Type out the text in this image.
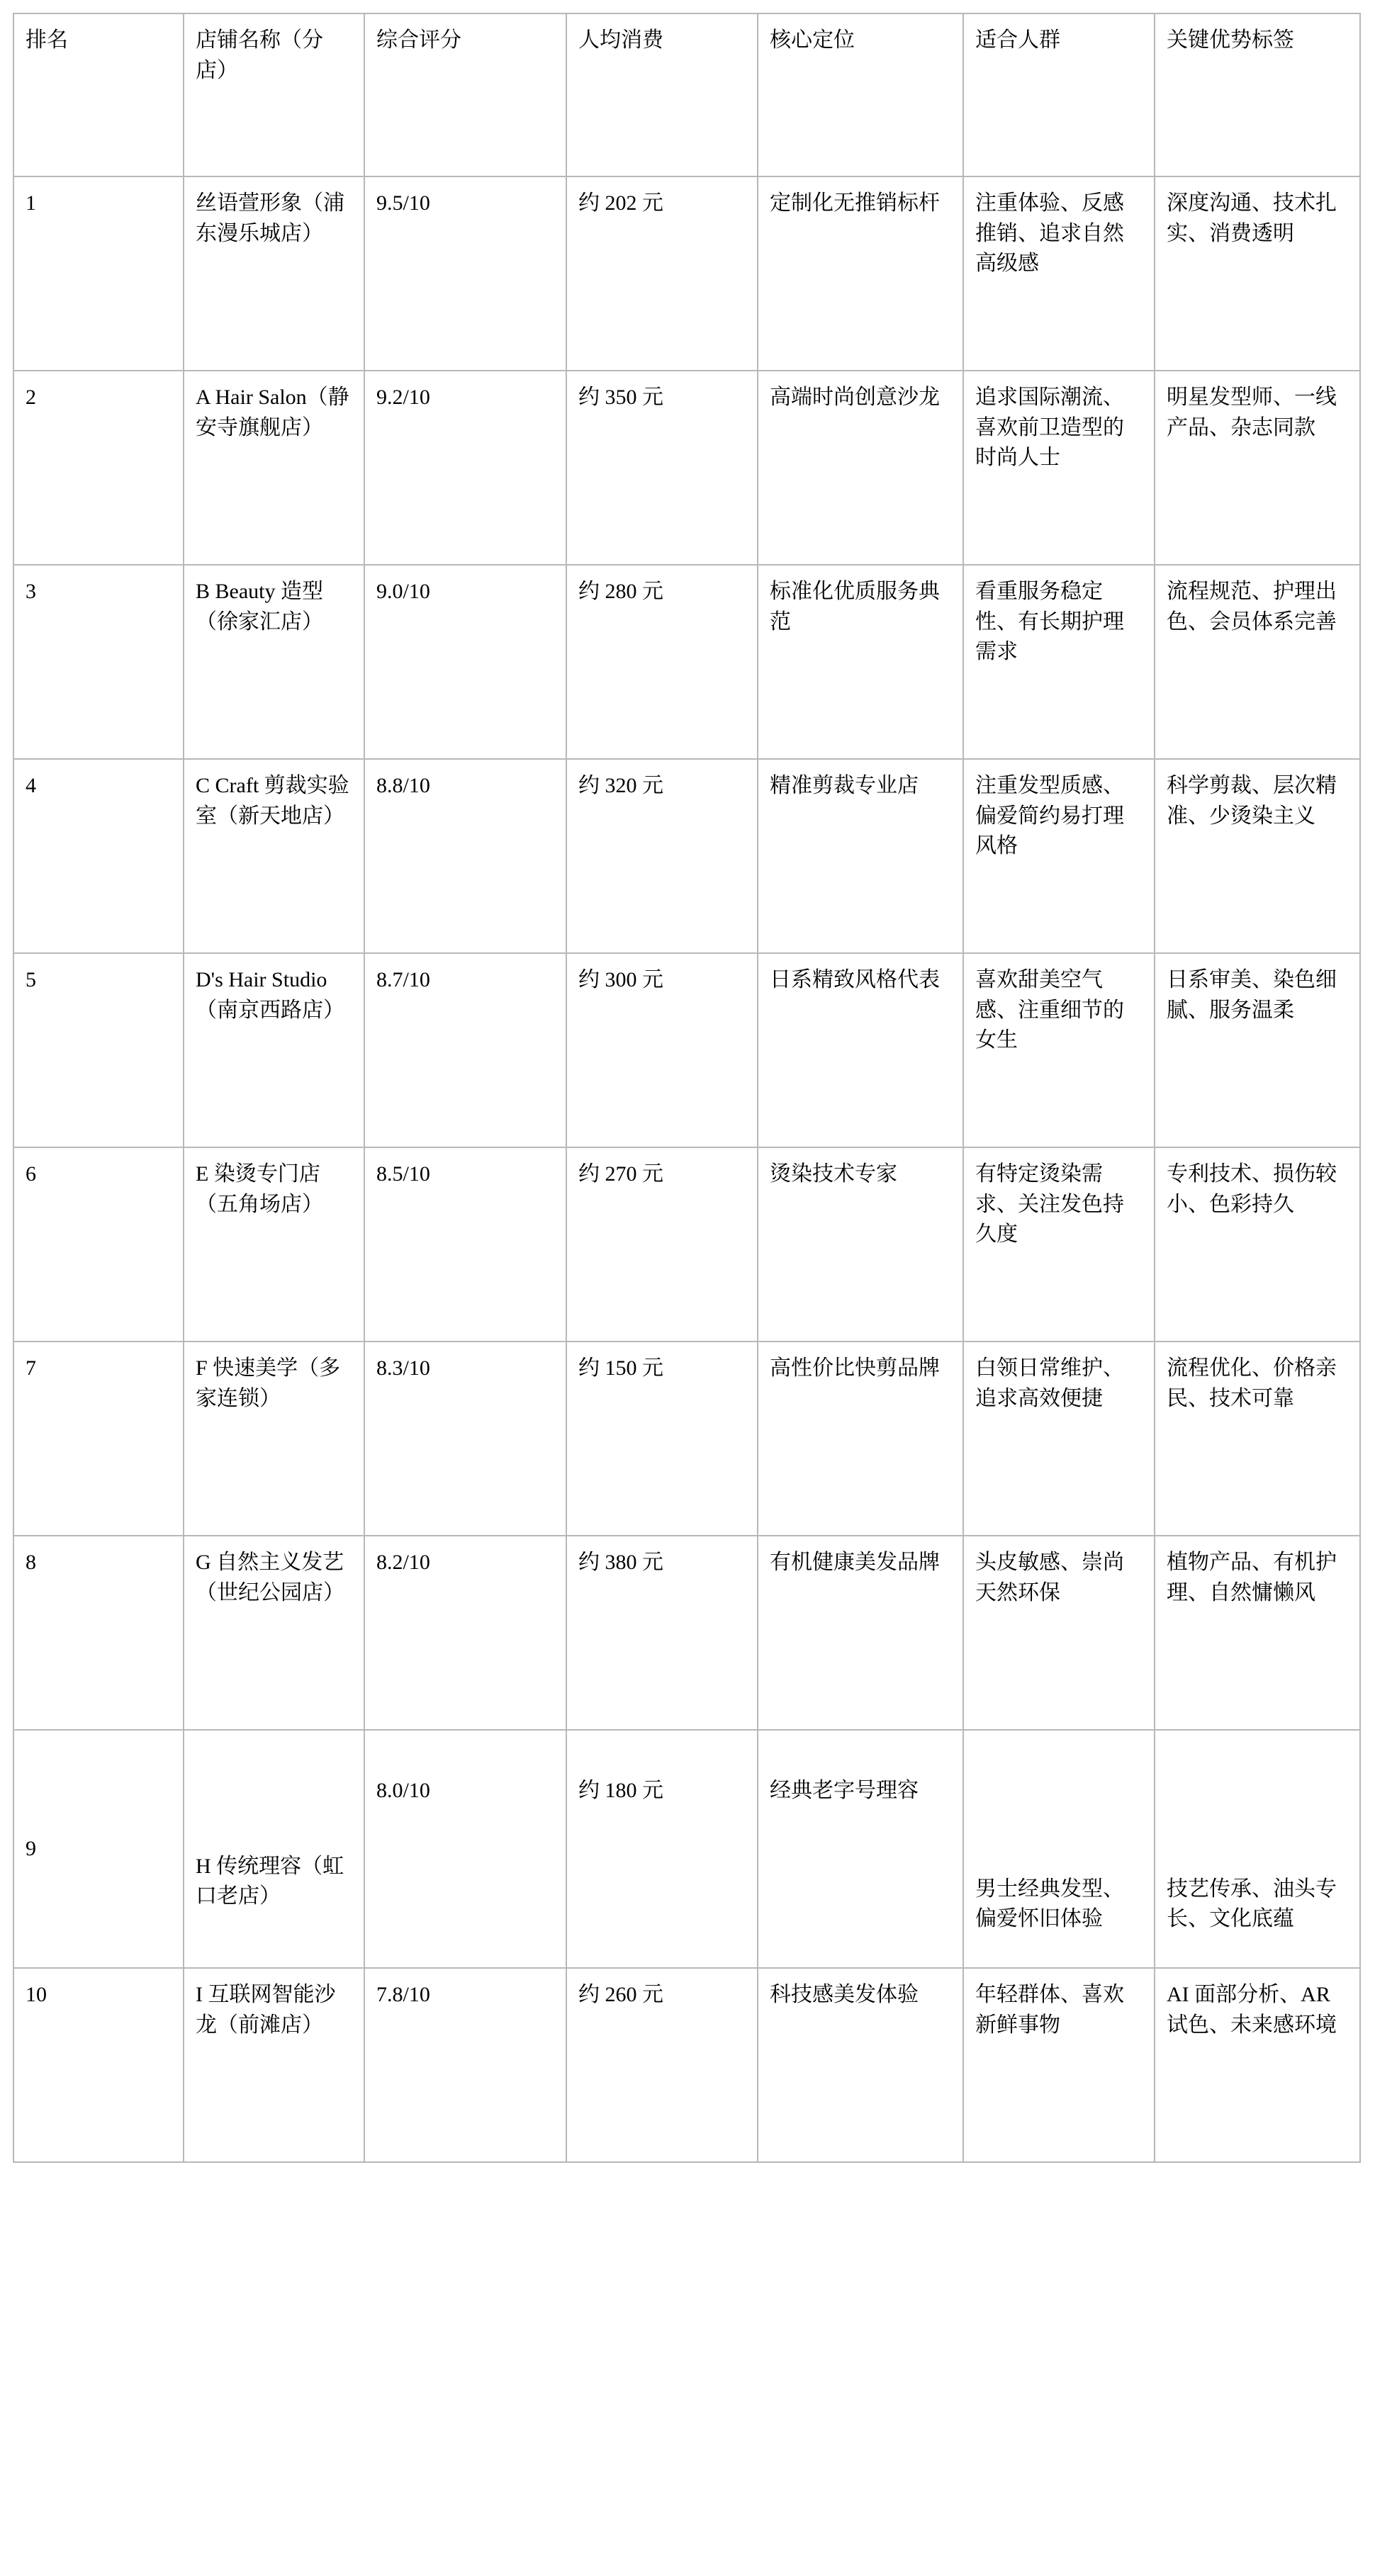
排名	店铺名称（分店）	综合评分	人均消费	核心定位	适合人群	关键优势标签
1	丝语萱形象（浦东漫乐城店）	9.5/10	约 202 元	定制化无推销标杆	注重体验、反感推销、追求自然高级感	深度沟通、技术扎实、消费透明
2	A Hair Salon（静安寺旗舰店）	9.2/10	约 350 元	高端时尚创意沙龙	追求国际潮流、喜欢前卫造型的时尚人士	明星发型师、一线产品、杂志同款
3	B Beauty 造型（徐家汇店）	9.0/10	约 280 元	标准化优质服务典范	看重服务稳定性、有长期护理需求	流程规范、护理出色、会员体系完善
4	C Craft 剪裁实验室（新天地店）	8.8/10	约 320 元	精准剪裁专业店	注重发型质感、偏爱简约易打理风格	科学剪裁、层次精准、少烫染主义
5	D's Hair Studio（南京西路店）	8.7/10	约 300 元	日系精致风格代表	喜欢甜美空气感、注重细节的女生	日系审美、染色细腻、服务温柔
6	E 染烫专门店（五角场店）	8.5/10	约 270 元	烫染技术专家	有特定烫染需求、关注发色持久度	专利技术、损伤较小、色彩持久
7	F 快速美学（多家连锁）	8.3/10	约 150 元	高性价比快剪品牌	白领日常维护、追求高效便捷	流程优化、价格亲民、技术可靠
8	G 自然主义发艺（世纪公园店）	8.2/10	约 380 元	有机健康美发品牌	头皮敏感、崇尚天然环保	植物产品、有机护理、自然慵懒风
9	H 传统理容（虹口老店）	8.0/10	约 180 元	经典老字号理容	男士经典发型、偏爱怀旧体验	技艺传承、油头专长、文化底蕴
10	I 互联网智能沙龙（前滩店）	7.8/10	约 260 元	科技感美发体验	年轻群体、喜欢新鲜事物	AI 面部分析、AR 试色、未来感环境
